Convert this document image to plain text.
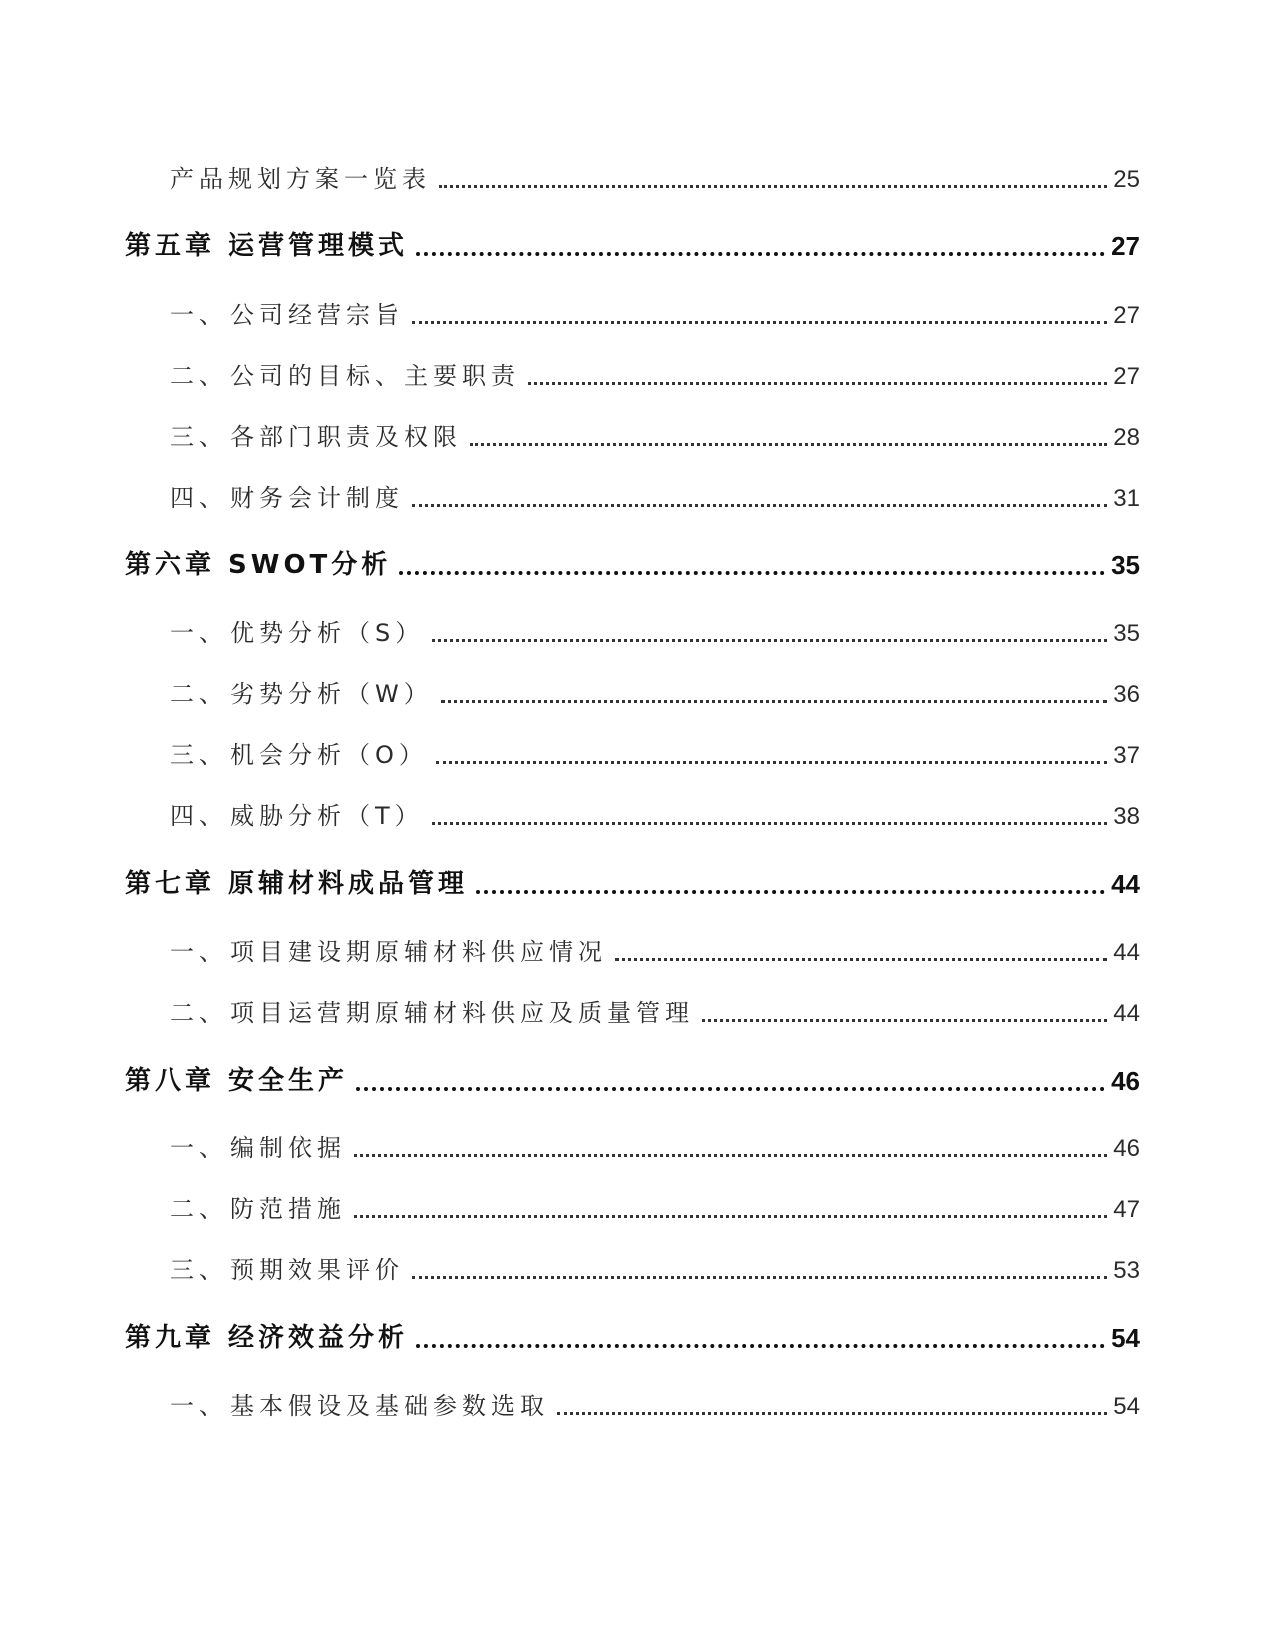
产品规划方案一览表	25
第五章 运营管理模式	27
一、 公司经营宗旨	27
二、 公司的目标、主要职责	27
三、 各部门职责及权限	28
四、 财务会计制度	31
第六章 SWOT分析	35
一、 优势分析（S）	35
二、 劣势分析（W）	36
三、 机会分析（O）	37
四、 威胁分析（T）	38
第七章 原辅材料成品管理	44
一、 项目建设期原辅材料供应情况	44
二、 项目运营期原辅材料供应及质量管理	44
第八章 安全生产	46
一、 编制依据	46
二、 防范措施	47
三、 预期效果评价	53
第九章 经济效益分析	54
一、 基本假设及基础参数选取	54
